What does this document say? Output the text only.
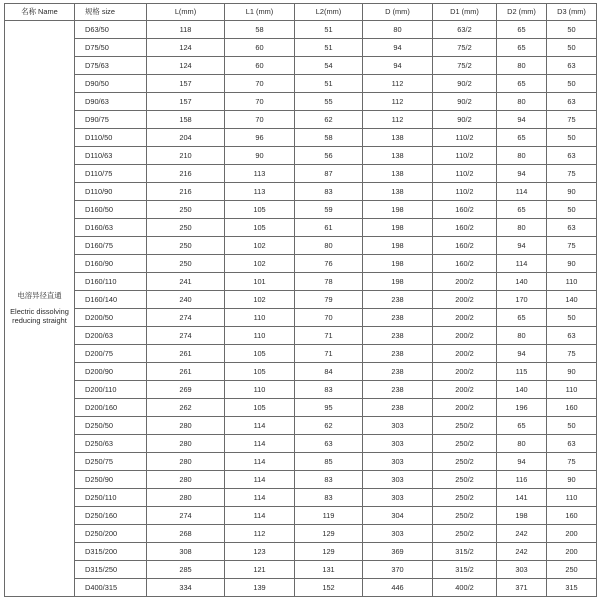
名称 Name	规格 size	L(mm)	L1 (mm)	L2(mm)	D (mm)	D1 (mm)	D2 (mm)	D3 (mm)

电溶异径直通
Electric dissolving
reducing straight	D63/50	118	58	51	80	63/2	65	50
	D75/50	124	60	51	94	75/2	65	50
	D75/63	124	60	54	94	75/2	80	63
	D90/50	157	70	51	112	90/2	65	50
	D90/63	157	70	55	112	90/2	80	63
	D90/75	158	70	62	112	90/2	94	75
	D110/50	204	96	58	138	110/2	65	50
	D110/63	210	90	56	138	110/2	80	63
	D110/75	216	113	87	138	110/2	94	75
	D110/90	216	113	83	138	110/2	114	90
	D160/50	250	105	59	198	160/2	65	50
	D160/63	250	105	61	198	160/2	80	63
	D160/75	250	102	80	198	160/2	94	75
	D160/90	250	102	76	198	160/2	114	90
	D160/110	241	101	78	198	200/2	140	110
	D160/140	240	102	79	238	200/2	170	140
	D200/50	274	110	70	238	200/2	65	50
	D200/63	274	110	71	238	200/2	80	63
	D200/75	261	105	71	238	200/2	94	75
	D200/90	261	105	84	238	200/2	115	90
	D200/110	269	110	83	238	200/2	140	110
	D200/160	262	105	95	238	200/2	196	160
	D250/50	280	114	62	303	250/2	65	50
	D250/63	280	114	63	303	250/2	80	63
	D250/75	280	114	85	303	250/2	94	75
	D250/90	280	114	83	303	250/2	116	90
	D250/110	280	114	83	303	250/2	141	110
	D250/160	274	114	119	304	250/2	198	160
	D250/200	268	112	129	303	250/2	242	200
	D315/200	308	123	129	369	315/2	242	200
	D315/250	285	121	131	370	315/2	303	250
	D400/315	334	139	152	446	400/2	371	315
